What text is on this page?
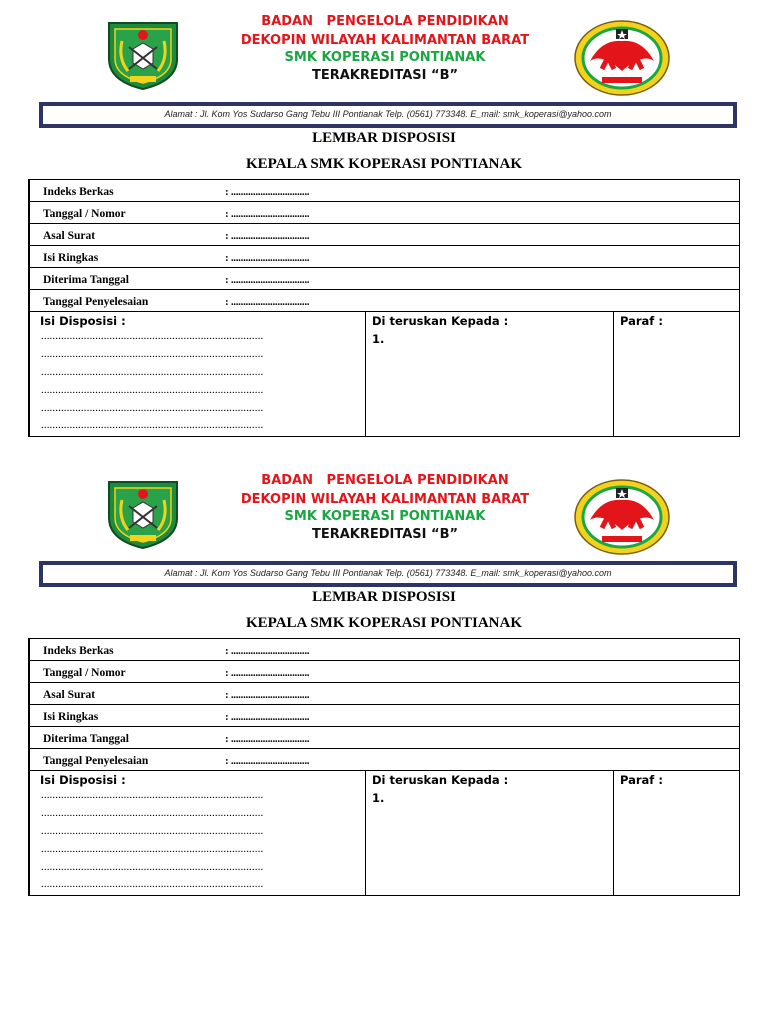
BADAN   PENGELOLA PENDIDIKAN
DEKOPIN WILAYAH KALIMANTAN BARAT
SMK KOPERASI PONTIANAK
TERAKREDITASI “B”
Alamat : Jl. Kom Yos Sudarso Gang Tebu III Pontianak Telp. (0561) 773348. E_mail: smk_koperasi@yahoo.com
LEMBAR DISPOSISI
KEPALA SMK KOPERASI PONTIANAK
Indeks Berkas	: ................................
Tanggal / Nomor	: ................................
Asal Surat	: ................................
Isi Ringkas	: ................................
Diterima Tanggal	: ................................
Tanggal Penyelesaian	: ................................
Isi Disposisi :
..............................................................................
..............................................................................
..............................................................................
..............................................................................
..............................................................................
..............................................................................
Di teruskan Kepada :
1.
Paraf :
BADAN   PENGELOLA PENDIDIKAN
DEKOPIN WILAYAH KALIMANTAN BARAT
SMK KOPERASI PONTIANAK
TERAKREDITASI “B”
Alamat : Jl. Kom Yos Sudarso Gang Tebu III Pontianak Telp. (0561) 773348. E_mail: smk_koperasi@yahoo.com
LEMBAR DISPOSISI
KEPALA SMK KOPERASI PONTIANAK
Indeks Berkas	: ................................
Tanggal / Nomor	: ................................
Asal Surat	: ................................
Isi Ringkas	: ................................
Diterima Tanggal	: ................................
Tanggal Penyelesaian	: ................................
Isi Disposisi :
..............................................................................
..............................................................................
..............................................................................
..............................................................................
..............................................................................
..............................................................................
Di teruskan Kepada :
1.
Paraf :
